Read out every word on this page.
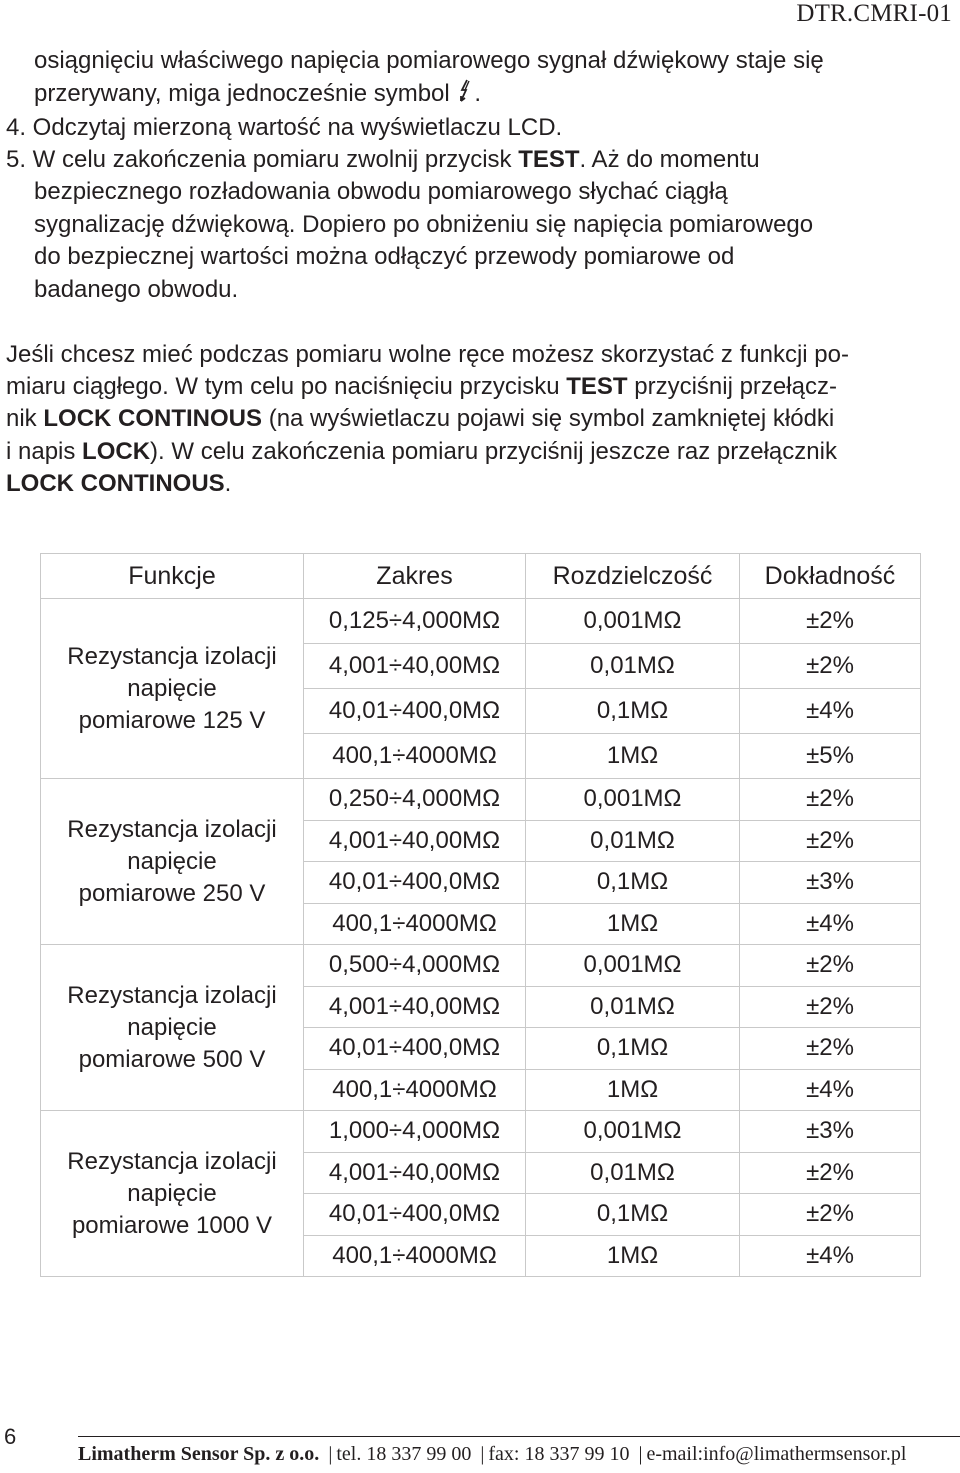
DTR.CMRI-01
osiągnięciu właściwego napięcia pomiarowego sygnał dźwiękowy staje się
przerywany, miga jednocześnie symbol .
4. Odczytaj mierzoną wartość na wyświetlaczu LCD.
5. W celu zakończenia pomiaru zwolnij przycisk TEST. Aż do momentu
bezpiecznego rozładowania obwodu pomiarowego słychać ciągłą
sygnalizację dźwiękową. Dopiero po obniżeniu się napięcia pomiarowego
do bezpiecznej wartości można odłączyć przewody pomiarowe od
badanego obwodu.
Jeśli chcesz mieć podczas pomiaru wolne ręce możesz skorzystać z funkcji po-
miaru ciągłego. W tym celu po naciśnięciu przycisku TEST przyciśnij przełącz-
nik LOCK CONTINOUS (na wyświetlaczu pojawi się symbol zamkniętej kłódki
i napis LOCK). W celu zakończenia pomiaru przyciśnij jeszcze raz przełącznik
LOCK CONTINOUS.
Funkcje	Zakres	Rozdzielczość	Dokładność

Rezystancja izolacji
napięcie
pomiarowe 125 V	0,125÷4,000MΩ	0,001MΩ	±2%
	4,001÷40,00MΩ	0,01MΩ	±2%
	40,01÷400,0MΩ	0,1MΩ	±4%
	400,1÷4000MΩ	1MΩ	±5%

Rezystancja izolacji
napięcie
pomiarowe 250 V	0,250÷4,000MΩ	0,001MΩ	±2%
	4,001÷40,00MΩ	0,01MΩ	±2%
	40,01÷400,0MΩ	0,1MΩ	±3%
	400,1÷4000MΩ	1MΩ	±4%

Rezystancja izolacji
napięcie
pomiarowe 500 V	0,500÷4,000MΩ	0,001MΩ	±2%
	4,001÷40,00MΩ	0,01MΩ	±2%
	40,01÷400,0MΩ	0,1MΩ	±2%
	400,1÷4000MΩ	1MΩ	±4%

Rezystancja izolacji
napięcie
pomiarowe 1000 V	1,000÷4,000MΩ	0,001MΩ	±3%
	4,001÷40,00MΩ	0,01MΩ	±2%
	40,01÷400,0MΩ	0,1MΩ	±2%
	400,1÷4000MΩ	1MΩ	±4%
6
Limatherm Sensor Sp. z o.o. | tel. 18 337 99 00 | fax: 18 337 99 10 | e-mail:info@limathermsensor.pl
